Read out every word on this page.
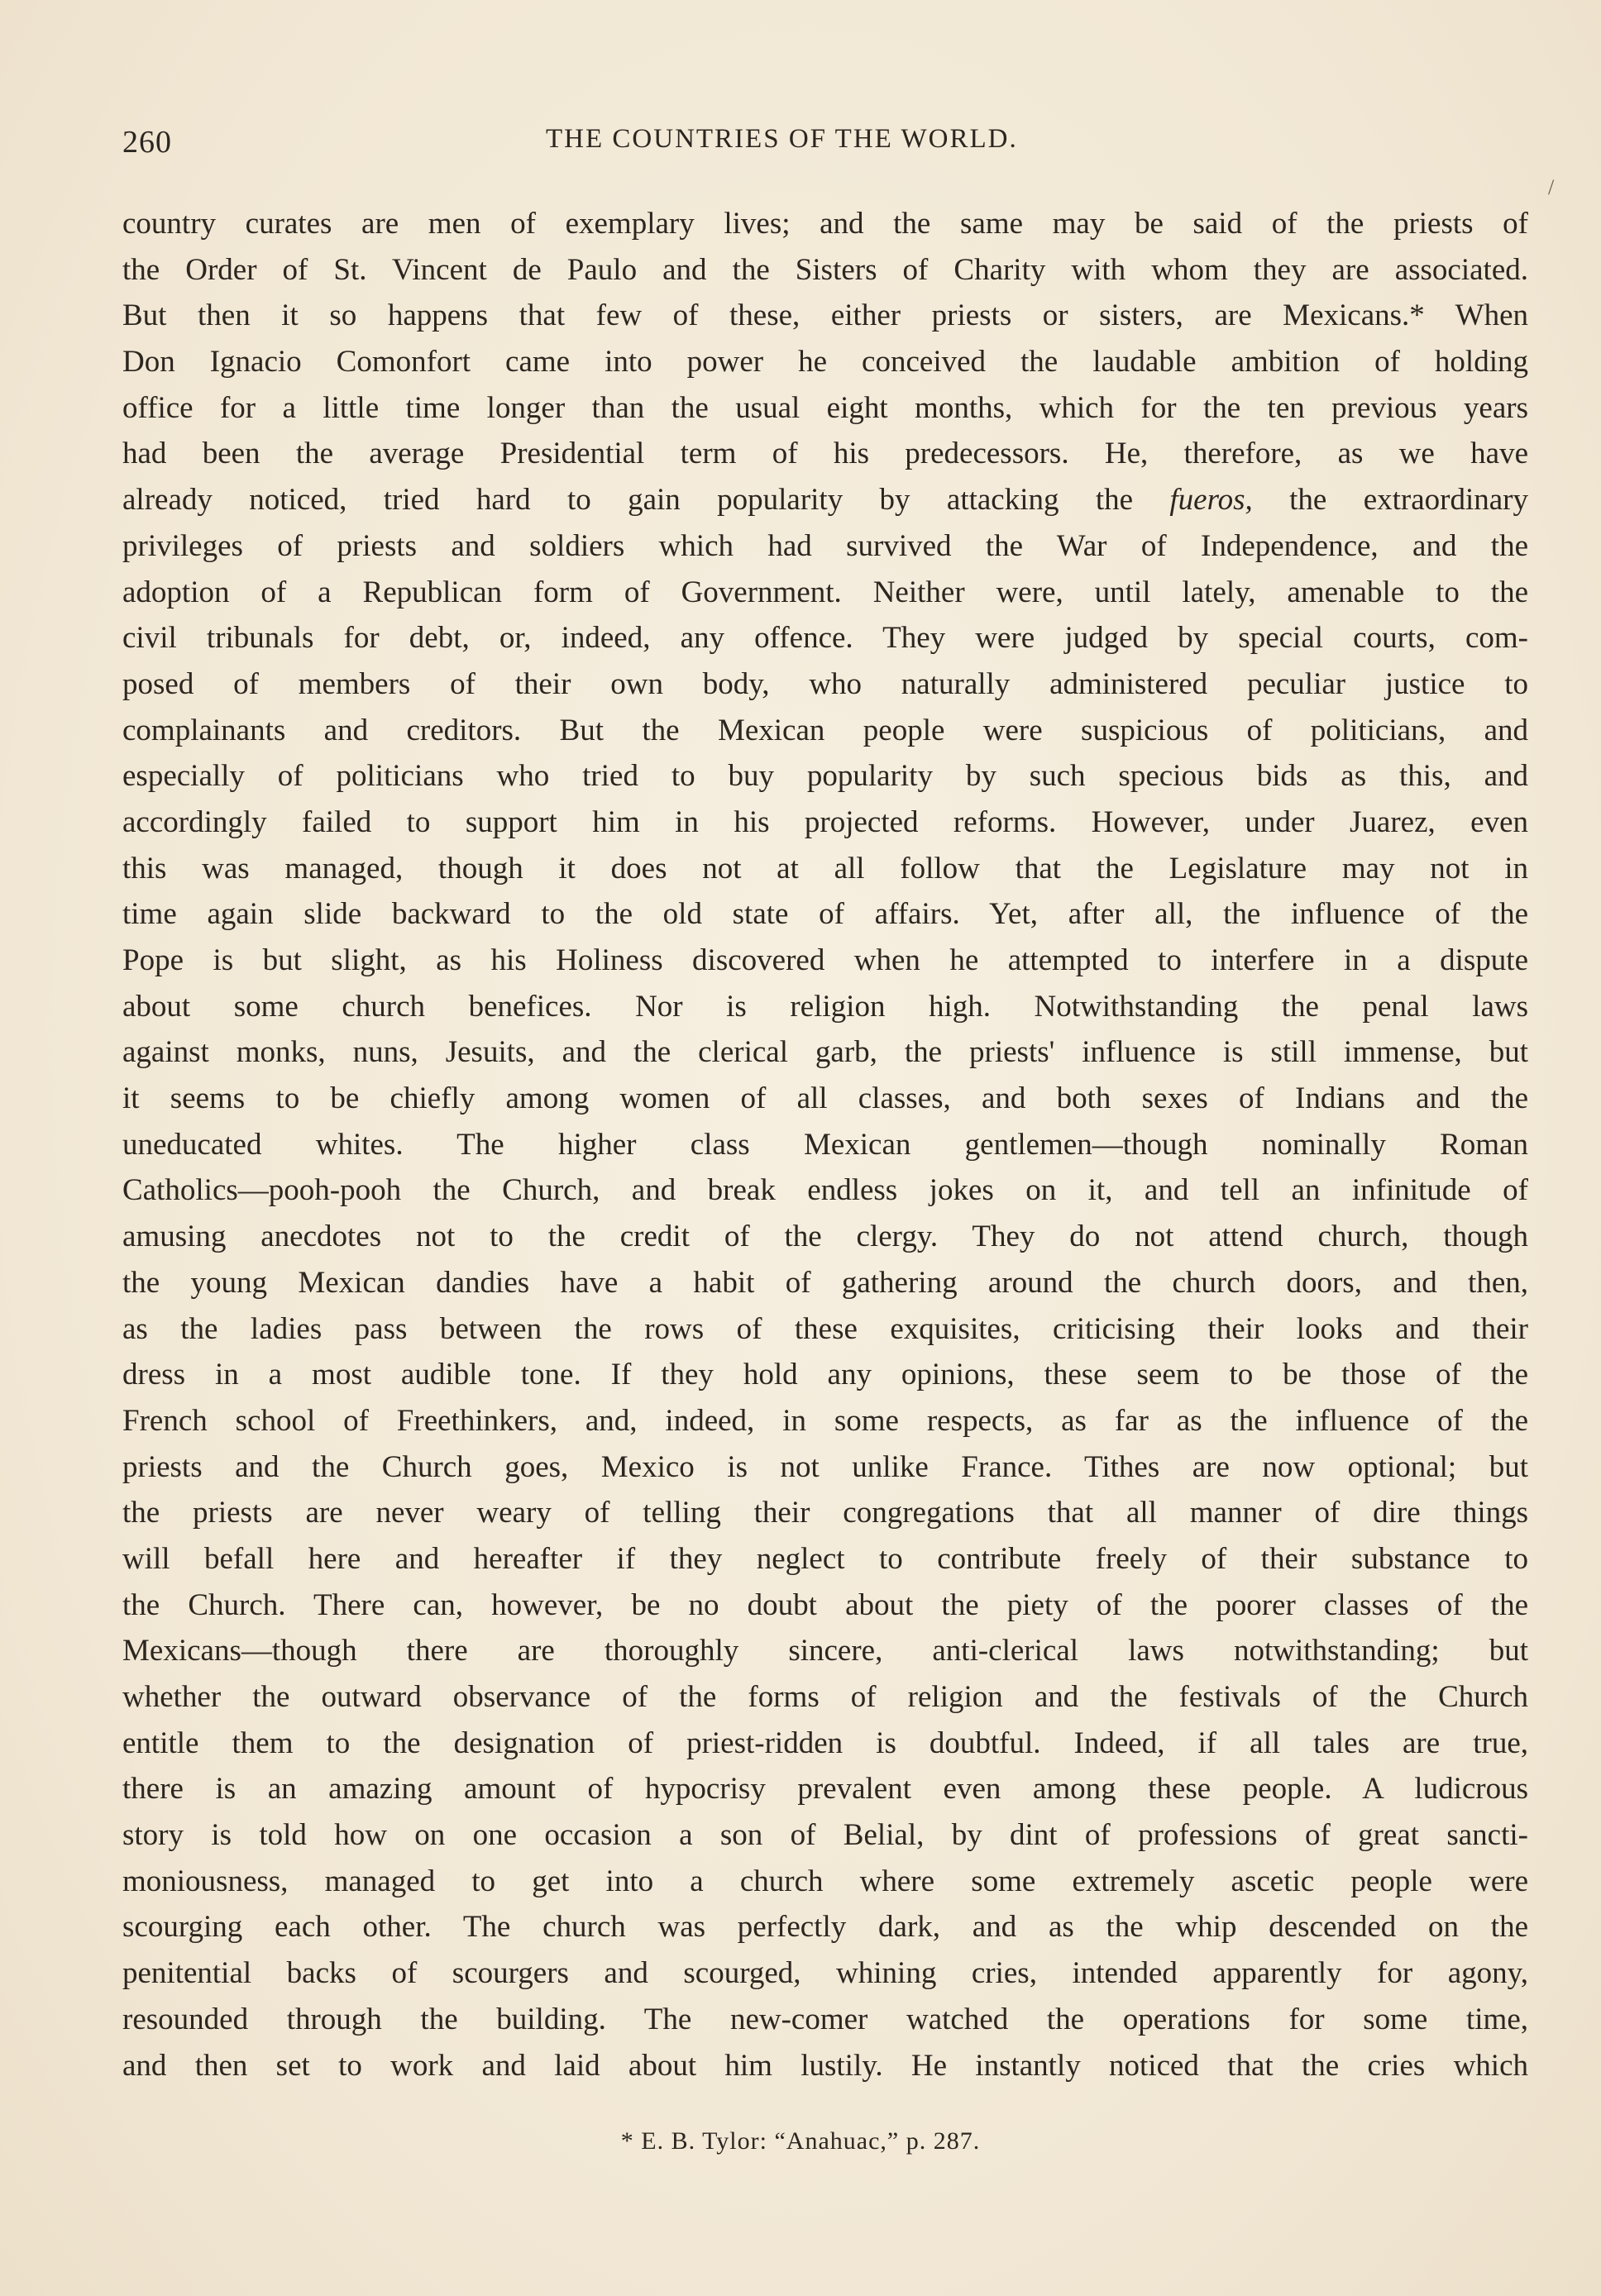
/
260	THE COUNTRIES OF THE WORLD.
country curates are men of exemplary lives; and the same may be said of the priests of
the Order of St. Vincent de Paulo and the Sisters of Charity with whom they are associated.
But then it so happens that few of these, either priests or sisters, are Mexicans.* When
Don Ignacio Comonfort came into power he conceived the laudable ambition of holding
office for a little time longer than the usual eight months, which for the ten previous years
had been the average Presidential term of his predecessors. He, therefore, as we have
already noticed, tried hard to gain popularity by attacking the fueros, the extraordinary
privileges of priests and soldiers which had survived the War of Independence, and the
adoption of a Republican form of Government. Neither were, until lately, amenable to the
civil tribunals for debt, or, indeed, any offence. They were judged by special courts, com-
posed of members of their own body, who naturally administered peculiar justice to
complainants and creditors. But the Mexican people were suspicious of politicians, and
especially of politicians who tried to buy popularity by such specious bids as this, and
accordingly failed to support him in his projected reforms. However, under Juarez, even
this was managed, though it does not at all follow that the Legislature may not in
time again slide backward to the old state of affairs. Yet, after all, the influence of the
Pope is but slight, as his Holiness discovered when he attempted to interfere in a dispute
about some church benefices. Nor is religion high. Notwithstanding the penal laws
against monks, nuns, Jesuits, and the clerical garb, the priests' influence is still immense, but
it seems to be chiefly among women of all classes, and both sexes of Indians and the
uneducated whites. The higher class Mexican gentlemen—though nominally Roman
Catholics—pooh-pooh the Church, and break endless jokes on it, and tell an infinitude of
amusing anecdotes not to the credit of the clergy. They do not attend church, though
the young Mexican dandies have a habit of gathering around the church doors, and then,
as the ladies pass between the rows of these exquisites, criticising their looks and their
dress in a most audible tone. If they hold any opinions, these seem to be those of the
French school of Freethinkers, and, indeed, in some respects, as far as the influence of the
priests and the Church goes, Mexico is not unlike France. Tithes are now optional; but
the priests are never weary of telling their congregations that all manner of dire things
will befall here and hereafter if they neglect to contribute freely of their substance to
the Church. There can, however, be no doubt about the piety of the poorer classes of the
Mexicans—though there are thoroughly sincere, anti-clerical laws notwithstanding; but
whether the outward observance of the forms of religion and the festivals of the Church
entitle them to the designation of priest-ridden is doubtful. Indeed, if all tales are true,
there is an amazing amount of hypocrisy prevalent even among these people. A ludicrous
story is told how on one occasion a son of Belial, by dint of professions of great sancti-
moniousness, managed to get into a church where some extremely ascetic people were
scourging each other. The church was perfectly dark, and as the whip descended on the
penitential backs of scourgers and scourged, whining cries, intended apparently for agony,
resounded through the building. The new-comer watched the operations for some time,
and then set to work and laid about him lustily. He instantly noticed that the cries which
* E. B. Tylor: “Anahuac,” p. 287.
